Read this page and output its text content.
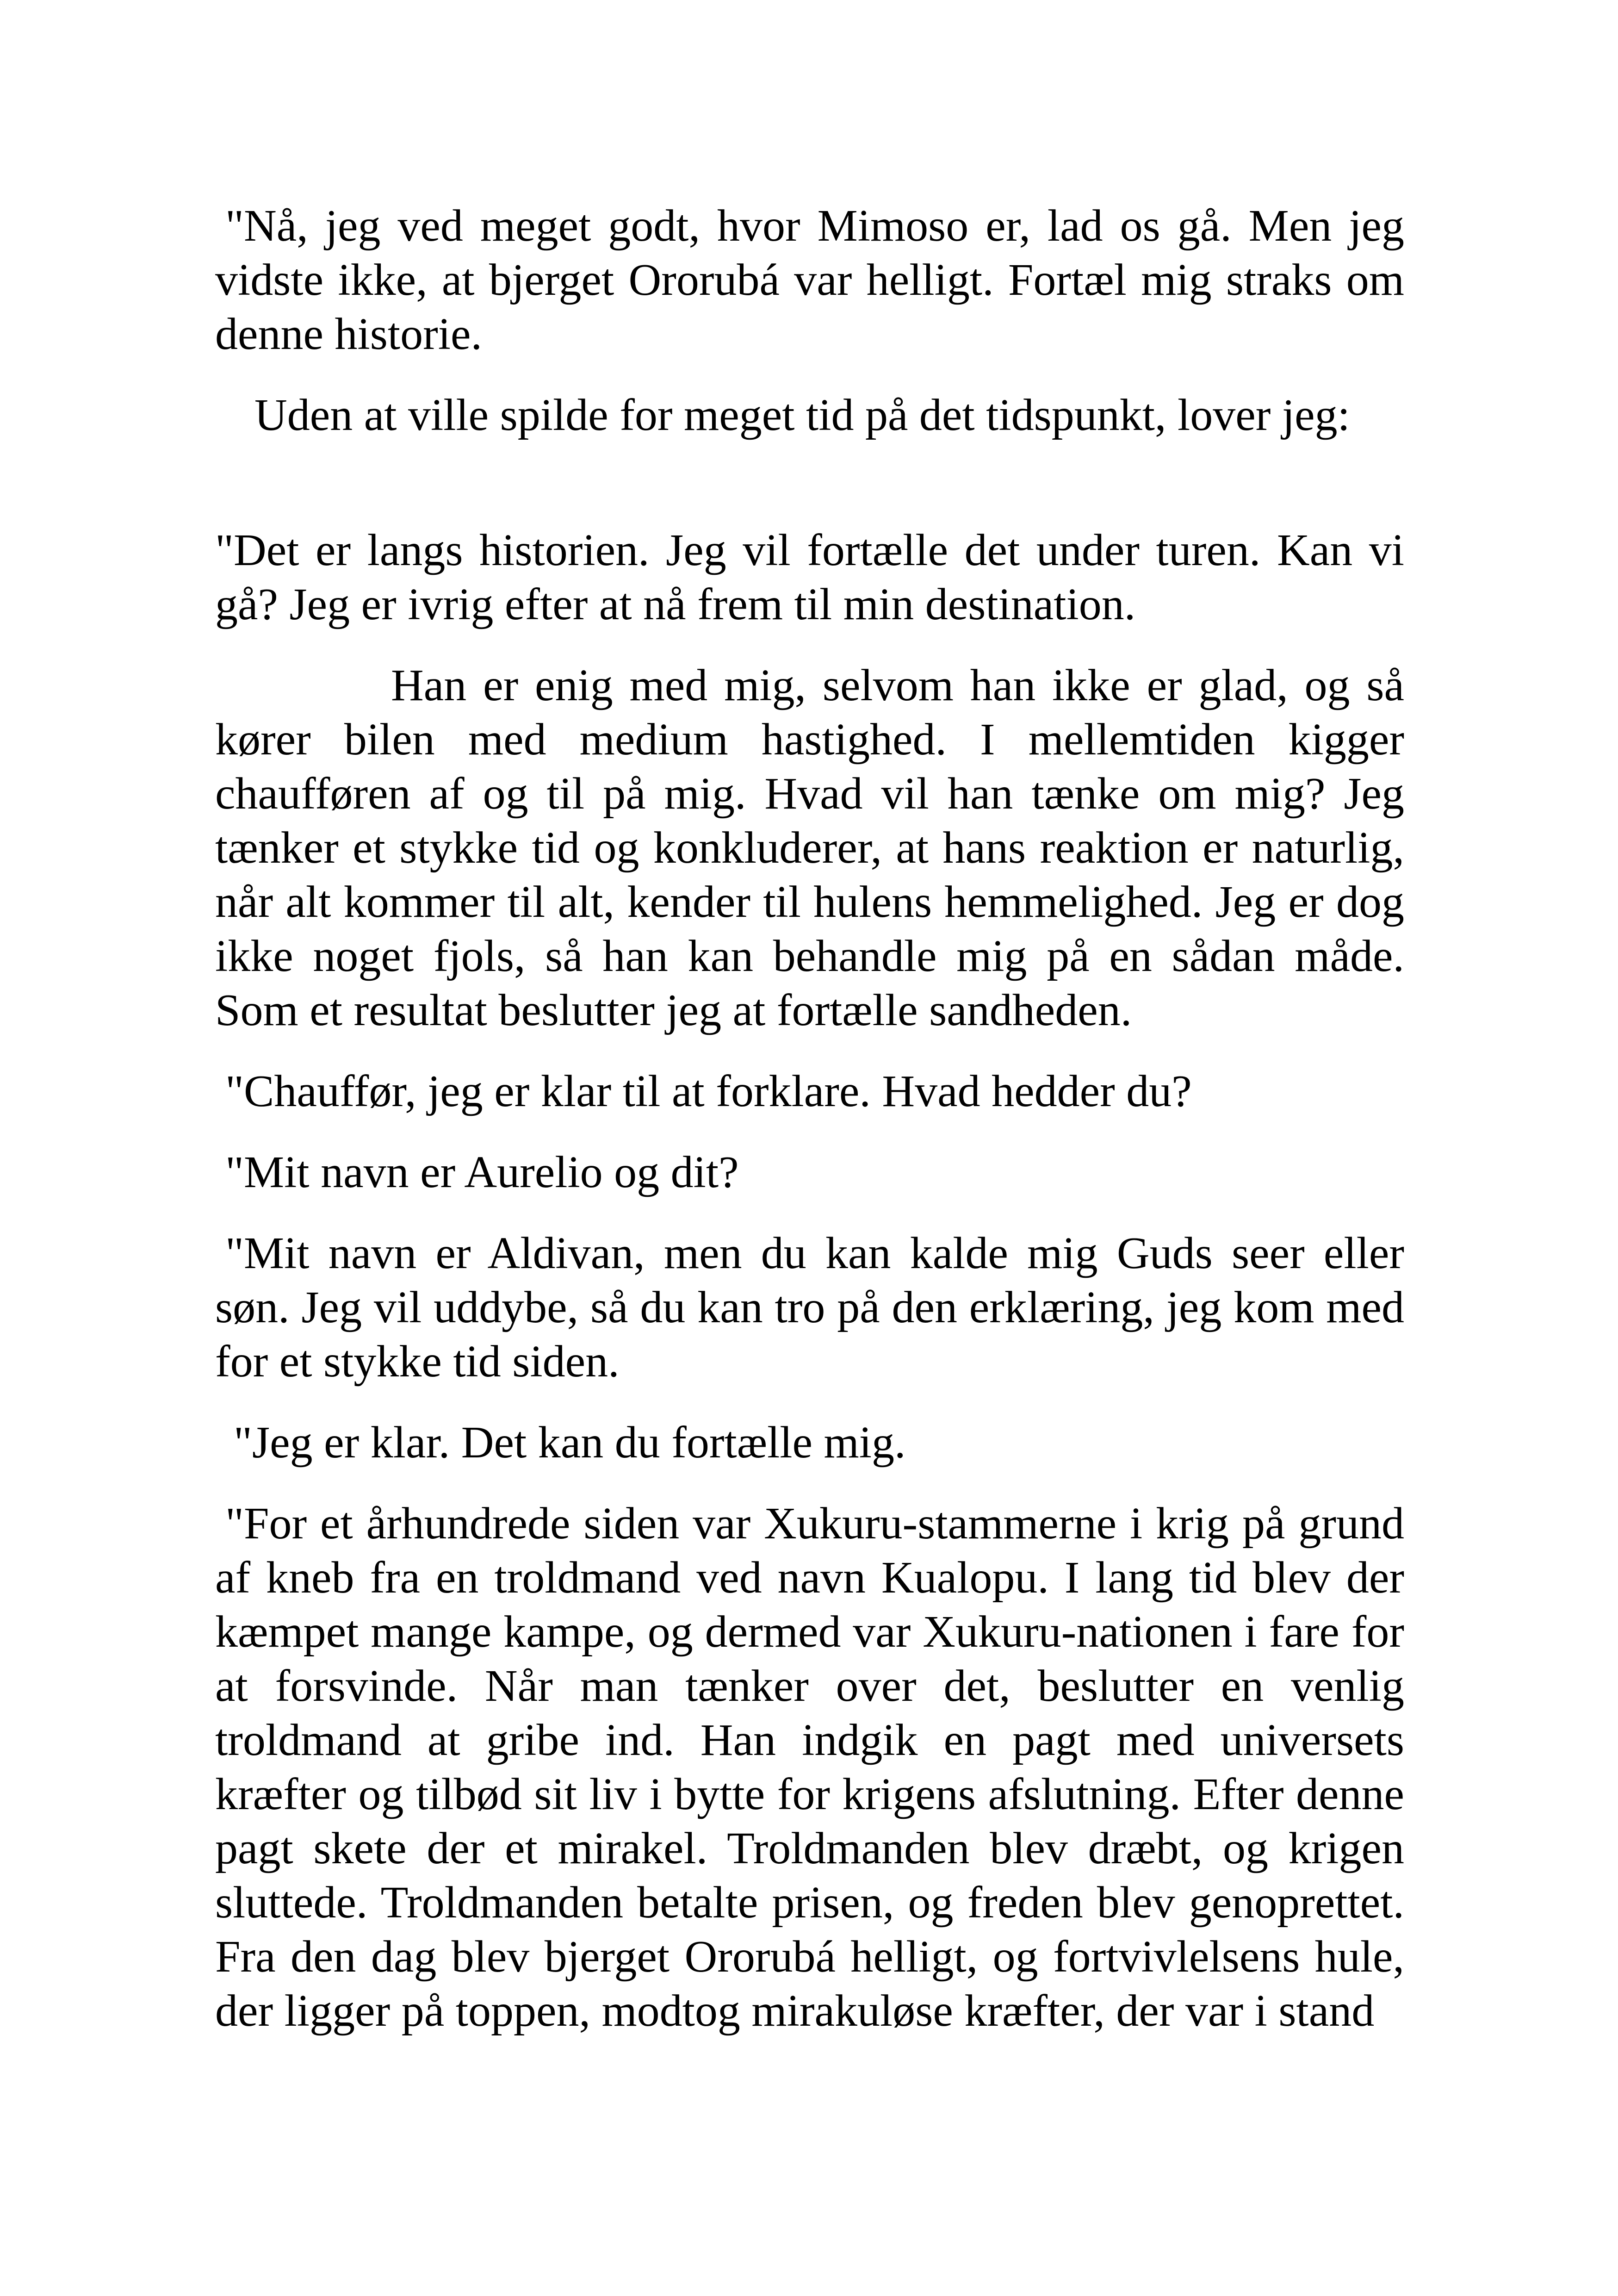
"Nå, jeg ved meget godt, hvor Mimoso er, lad os gå. Men jeg vidste ikke, at bjerget Ororubá var helligt. Fortæl mig straks om denne historie.

Uden at ville spilde for meget tid på det tidspunkt, lover jeg:

"Det er langs historien. Jeg vil fortælle det under turen. Kan vi gå? Jeg er ivrig efter at nå frem til min destination.

Han er enig med mig, selvom han ikke er glad, og så kører bilen med medium hastighed. I mellemtiden kigger chaufføren af og til på mig. Hvad vil han tænke om mig? Jeg tænker et stykke tid og konkluderer, at hans reaktion er naturlig, når alt kommer til alt, kender til hulens hemmelighed. Jeg er dog ikke noget fjols, så han kan behandle mig på en sådan måde. Som et resultat beslutter jeg at fortælle sandheden.

"Chauffør, jeg er klar til at forklare. Hvad hedder du?

"Mit navn er Aurelio og dit?

"Mit navn er Aldivan, men du kan kalde mig Guds seer eller søn. Jeg vil uddybe, så du kan tro på den erklæring, jeg kom med for et stykke tid siden.

"Jeg er klar. Det kan du fortælle mig.

"For et århundrede siden var Xukuru-stammerne i krig på grund af kneb fra en troldmand ved navn Kualopu. I lang tid blev der kæmpet mange kampe, og dermed var Xukuru-nationen i fare for at forsvinde. Når man tænker over det, beslutter en venlig troldmand at gribe ind. Han indgik en pagt med universets kræfter og tilbød sit liv i bytte for krigens afslutning. Efter denne pagt skete der et mirakel. Troldmanden blev dræbt, og krigen sluttede. Troldmanden betalte prisen, og freden blev genoprettet. Fra den dag blev bjerget Ororubá helligt, og fortvivlelsens hule, der ligger på toppen, modtog mirakuløse kræfter, der var i stand
